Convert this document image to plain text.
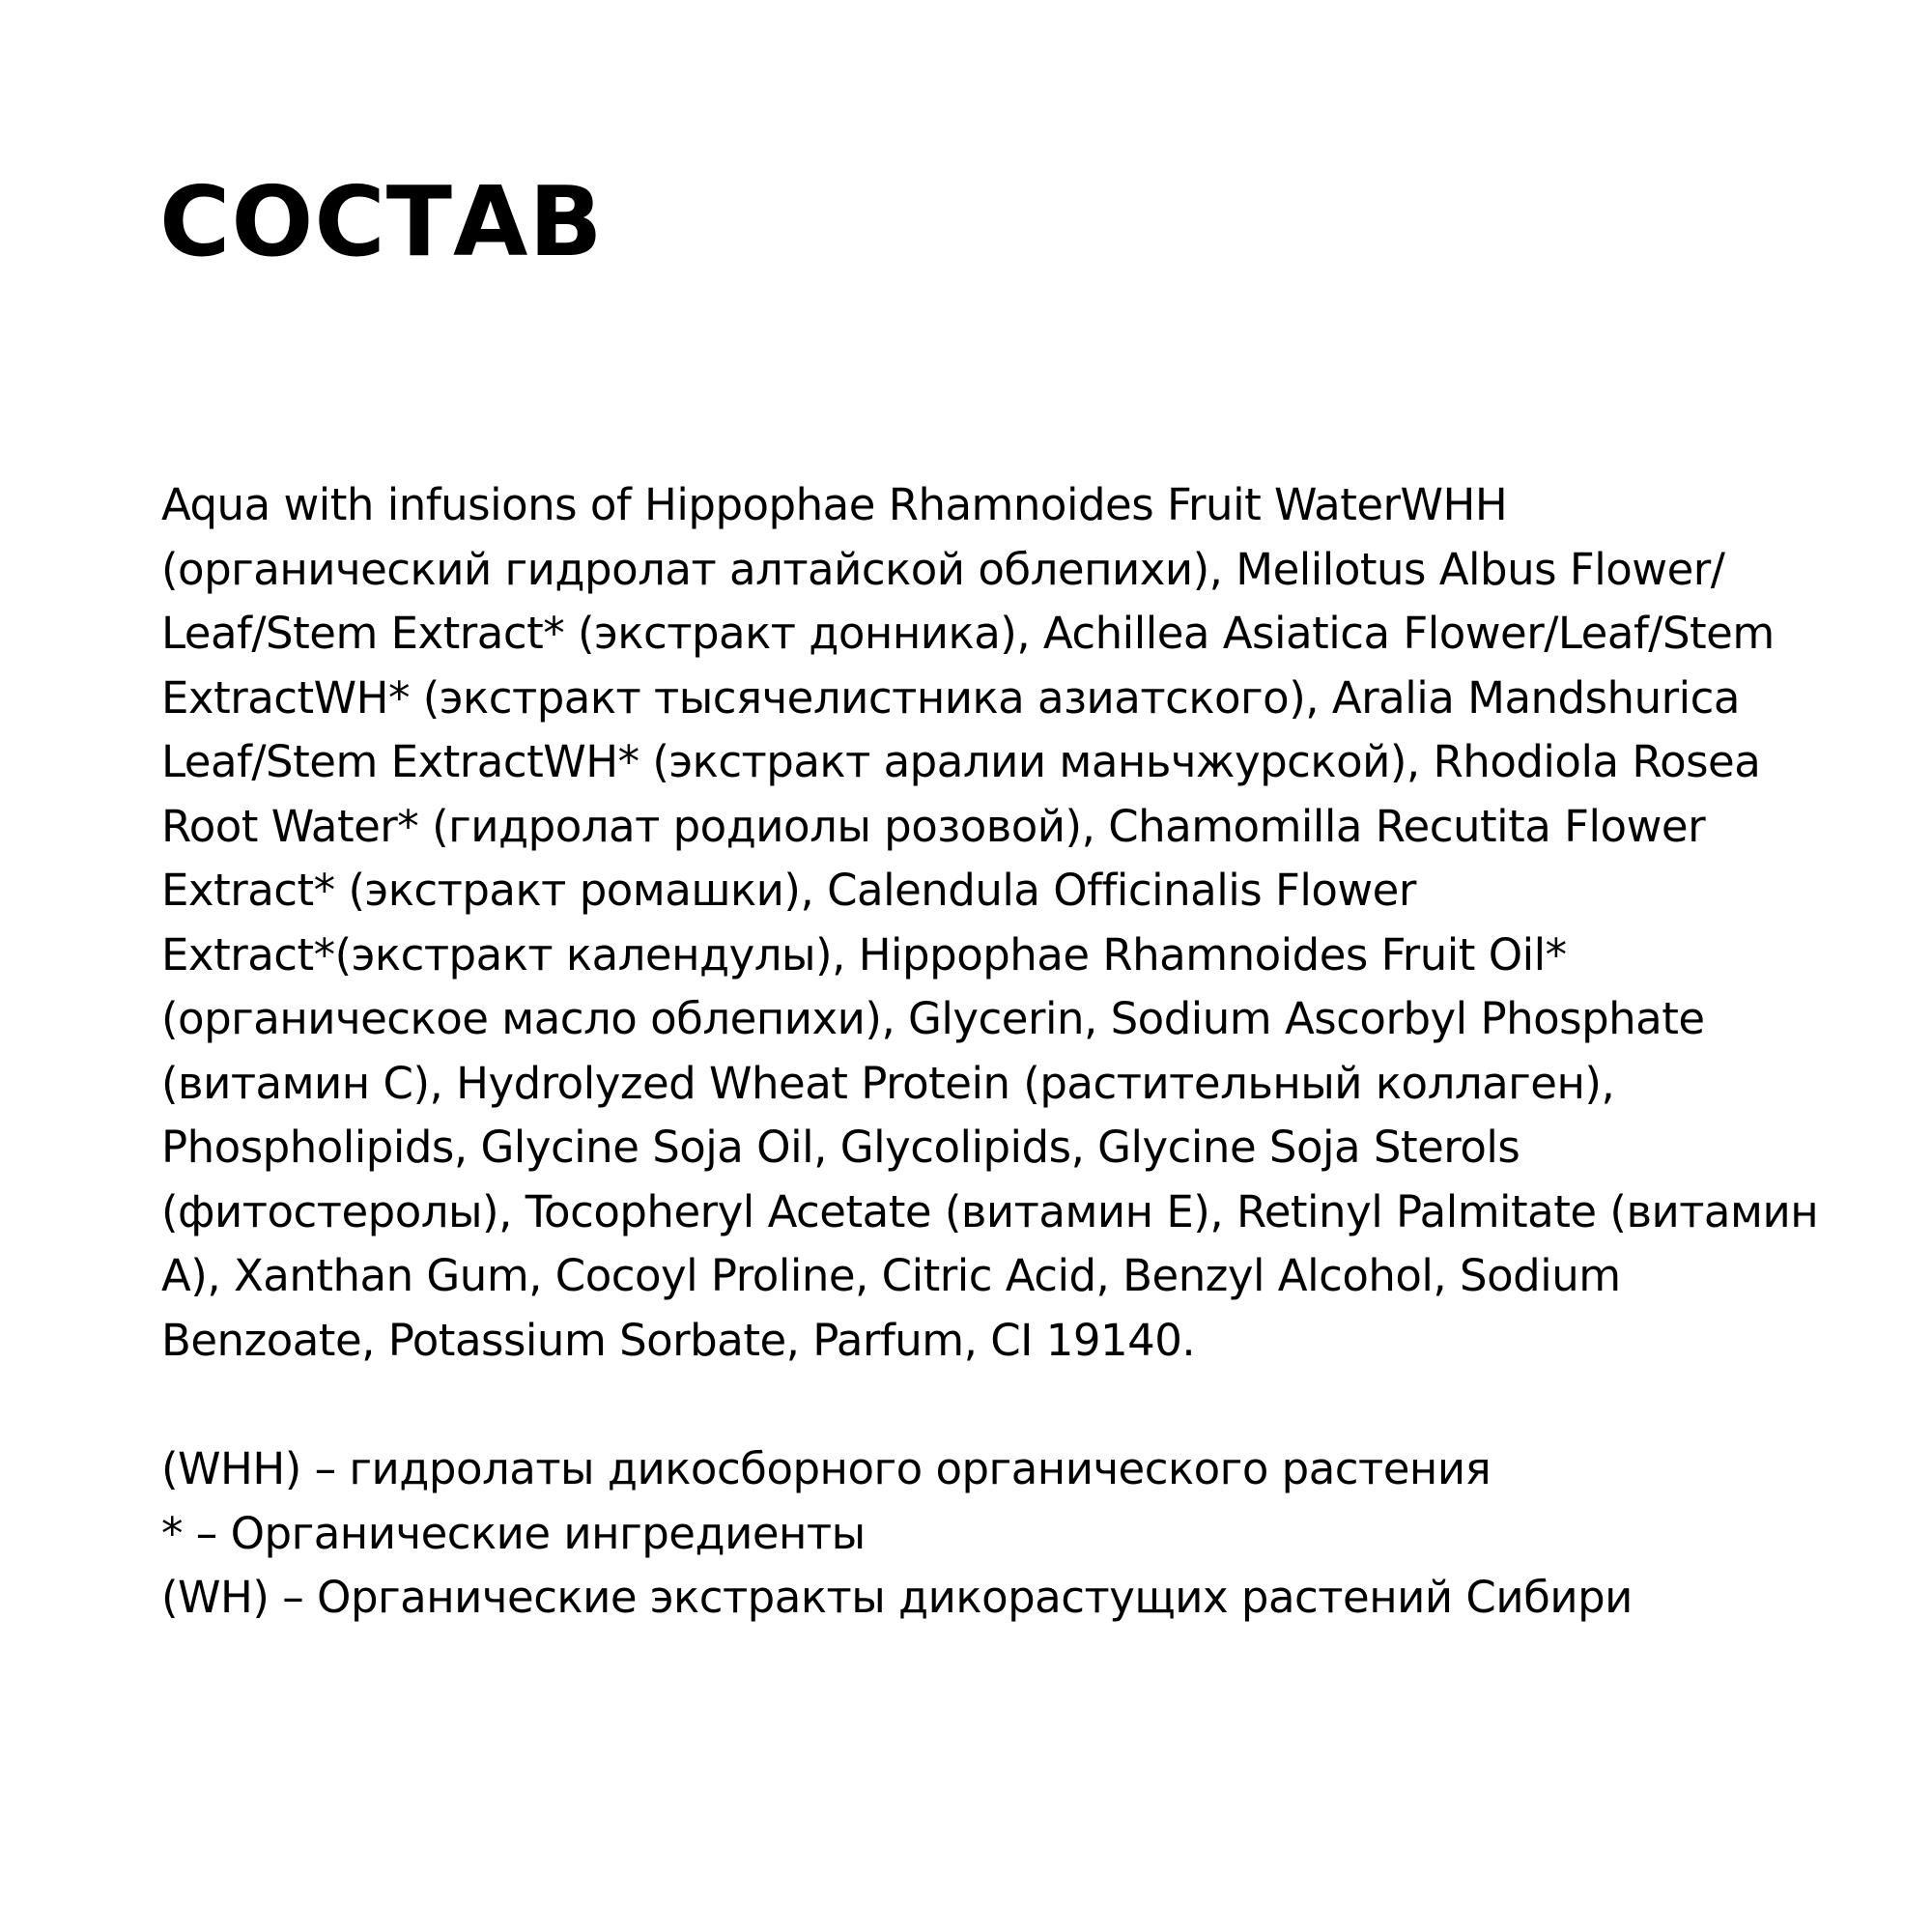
СОСТАВ
Aqua with infusions of Hippophae Rhamnoides Fruit WaterWHH
(органический гидролат алтайской облепихи), Melilotus Albus Flower/
Leaf/Stem Extract* (экстракт донника), Achillea Asiatica Flower/Leaf/Stem
ExtractWH* (экстракт тысячелистника азиатского), Aralia Mandshurica
Leaf/Stem ExtractWH* (экстракт аралии маньчжурской), Rhodiola Rosea
Root Water* (гидролат родиолы розовой), Chamomilla Recutita Flower
Extract* (экстракт ромашки), Calendula Officinalis Flower
Extract*(экстракт календулы), Hippophae Rhamnoides Fruit Oil*
(органическое масло облепихи), Glycerin, Sodium Ascorbyl Phosphate
(витамин C), Hydrolyzed Wheat Protein (растительный коллаген),
Phospholipids, Glycine Soja Oil, Glycolipids, Glycine Soja Sterols
(фитостеролы), Tocopheryl Acetate (витамин E), Retinyl Palmitate (витамин
A), Xanthan Gum, Cocoyl Proline, Citric Acid, Benzyl Alcohol, Sodium
Benzoate, Potassium Sorbate, Parfum, CI 19140.
(WHH) – гидролаты дикосборного органического растения
* – Органические ингредиенты
(WH) – Органические экстракты дикорастущих растений Сибири
